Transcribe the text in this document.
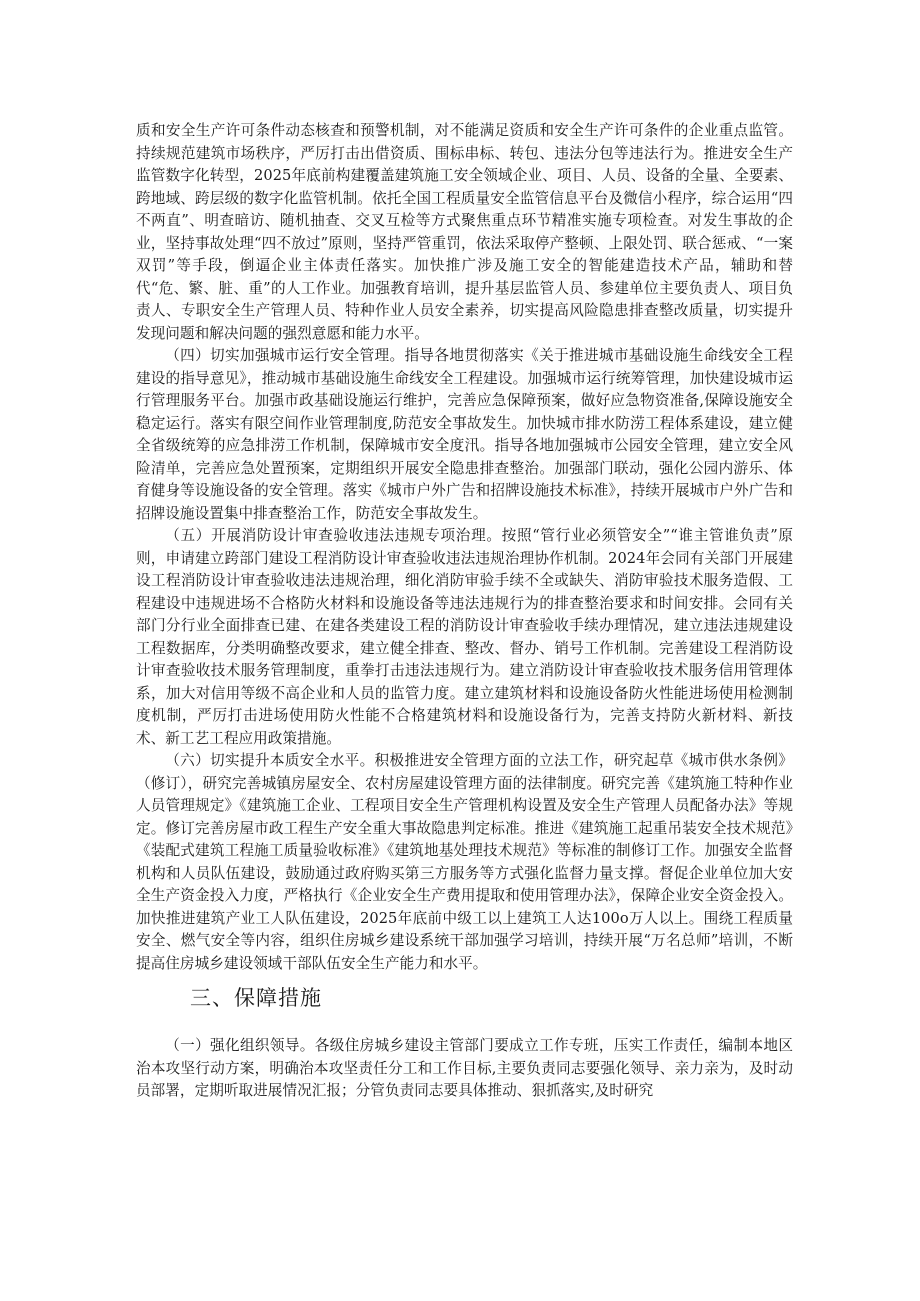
质和安全生产许可条件动态核查和预警机制，对不能满足资质和安全生产许可条件的企业重点监管。持续规范建筑市场秩序，严厉打击出借资质、围标串标、转包、违法分包等违法行为。推进安全生产监管数字化转型，2025年底前构建覆盖建筑施工安全领域企业、项目、人员、设备的全量、全要素、跨地域、跨层级的数字化监管机制。依托全国工程质量安全监管信息平台及微信小程序，综合运用“四不两直”、明查暗访、随机抽查、交叉互检等方式聚焦重点环节精准实施专项检查。对发生事故的企业，坚持事故处理“四不放过”原则，坚持严管重罚，依法采取停产整顿、上限处罚、联合惩戒、“一案双罚”等手段，倒逼企业主体责任落实。加快推广涉及施工安全的智能建造技术产品，辅助和替代“危、繁、脏、重”的人工作业。加强教育培训，提升基层监管人员、参建单位主要负责人、项目负责人、专职安全生产管理人员、特种作业人员安全素养，切实提高风险隐患排查整改质量，切实提升发现问题和解决问题的强烈意愿和能力水平。

（四）切实加强城市运行安全管理。指导各地贯彻落实《关于推进城市基础设施生命线安全工程建设的指导意见》，推动城市基础设施生命线安全工程建设。加强城市运行统筹管理，加快建设城市运行管理服务平台。加强市政基础设施运行维护，完善应急保障预案，做好应急物资准备,保障设施安全稳定运行。落实有限空间作业管理制度,防范安全事故发生。加快城市排水防涝工程体系建设，建立健全省级统筹的应急排涝工作机制，保障城市安全度汛。指导各地加强城市公园安全管理，建立安全风险清单，完善应急处置预案，定期组织开展安全隐患排查整治。加强部门联动，强化公园内游乐、体育健身等设施设备的安全管理。落实《城市户外广告和招牌设施技术标准》，持续开展城市户外广告和招牌设施设置集中排查整治工作，防范安全事故发生。

（五）开展消防设计审查验收违法违规专项治理。按照“管行业必须管安全”“谁主管谁负责”原则，申请建立跨部门建设工程消防设计审查验收违法违规治理协作机制。2024年会同有关部门开展建设工程消防设计审查验收违法违规治理，细化消防审验手续不全或缺失、消防审验技术服务造假、工程建设中违规进场不合格防火材料和设施设备等违法违规行为的排查整治要求和时间安排。会同有关部门分行业全面排查已建、在建各类建设工程的消防设计审查验收手续办理情况，建立违法违规建设工程数据库，分类明确整改要求，建立健全排查、整改、督办、销号工作机制。完善建设工程消防设计审查验收技术服务管理制度，重拳打击违法违规行为。建立消防设计审查验收技术服务信用管理体系，加大对信用等级不高企业和人员的监管力度。建立建筑材料和设施设备防火性能进场使用检测制度机制，严厉打击进场使用防火性能不合格建筑材料和设施设备行为，完善支持防火新材料、新技术、新工艺工程应用政策措施。

（六）切实提升本质安全水平。积极推进安全管理方面的立法工作，研究起草《城市供水条例》（修订），研究完善城镇房屋安全、农村房屋建设管理方面的法律制度。研究完善《建筑施工特种作业人员管理规定》《建筑施工企业、工程项目安全生产管理机构设置及安全生产管理人员配备办法》等规定。修订完善房屋市政工程生产安全重大事故隐患判定标准。推进《建筑施工起重吊装安全技术规范》《装配式建筑工程施工质量验收标准》《建筑地基处理技术规范》等标准的制修订工作。加强安全监督机构和人员队伍建设，鼓励通过政府购买第三方服务等方式强化监督力量支撑。督促企业单位加大安全生产资金投入力度，严格执行《企业安全生产费用提取和使用管理办法》，保障企业安全资金投入。加快推进建筑产业工人队伍建设，2025年底前中级工以上建筑工人达100o万人以上。围绕工程质量安全、燃气安全等内容，组织住房城乡建设系统干部加强学习培训，持续开展“万名总师”培训，不断提高住房城乡建设领域干部队伍安全生产能力和水平。

三、保障措施

（一）强化组织领导。各级住房城乡建设主管部门要成立工作专班，压实工作责任，编制本地区治本攻坚行动方案，明确治本攻坚责任分工和工作目标,主要负责同志要强化领导、亲力亲为，及时动员部署，定期听取进展情况汇报；分管负责同志要具体推动、狠抓落实,及时研究
